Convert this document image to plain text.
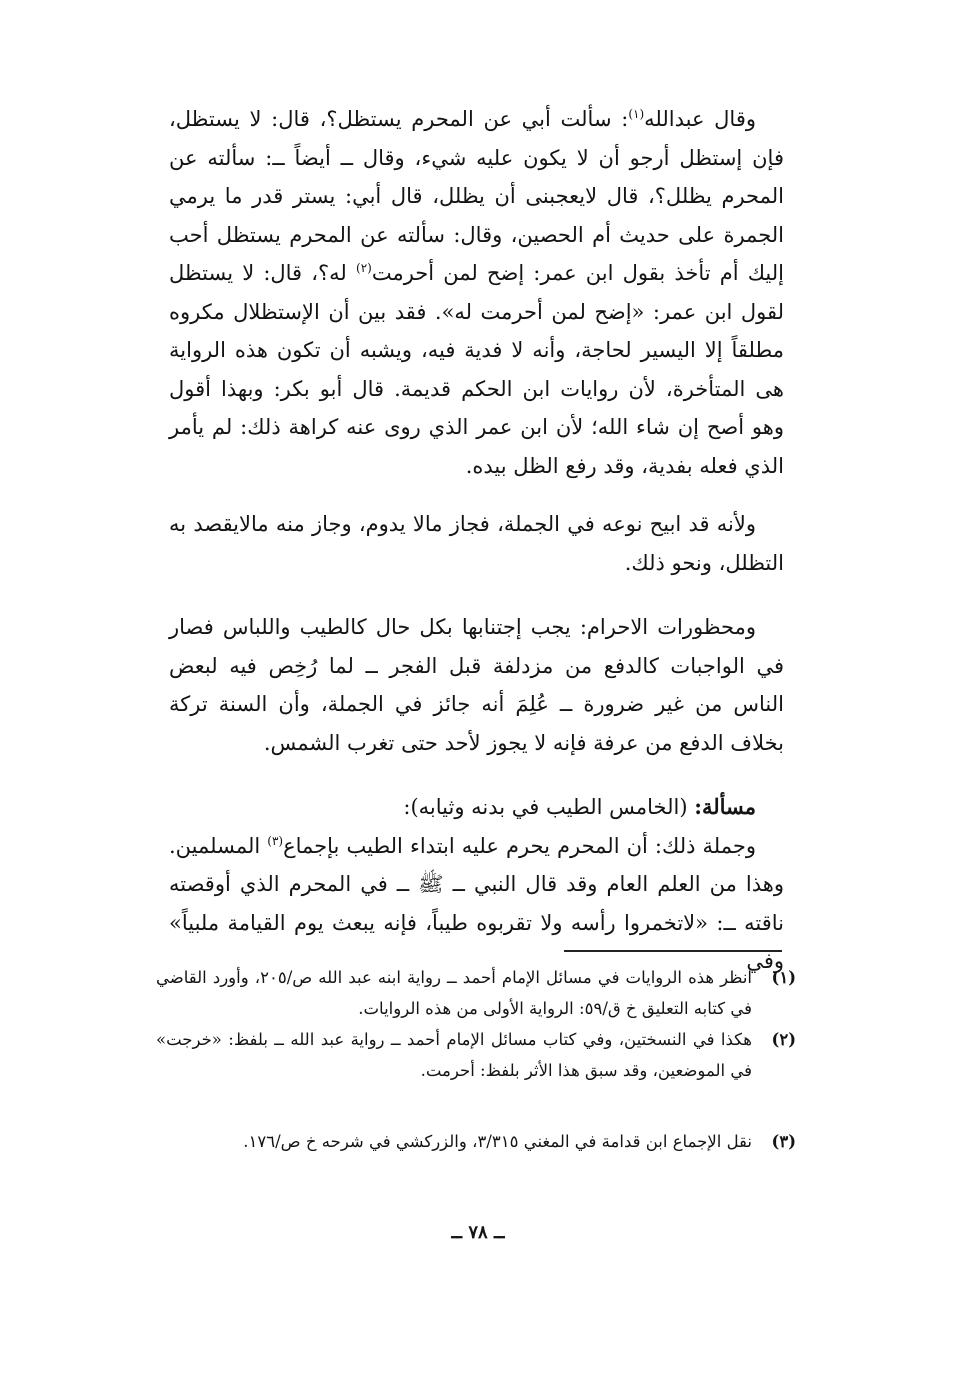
وقال عبدالله$^{(١)}$: سألت أبي عن المحرم يستظل؟، قال: لا يستظل، فإن إستظل أرجو أن لا يكون عليه شيء، وقال ــ أيضاً ــ: سألته عن المحرم يظلل؟، قال لايعجبنى أن يظلل، قال أبي: يستر قدر ما يرمي الجمرة على حديث أم الحصين، وقال: سألته عن المحرم يستظل أحب إليك أم تأخذ بقول ابن عمر: إضح لمن أحرمت$^{(٢)}$ له؟، قال: لا يستظل لقول ابن عمر: «إضح لمن أحرمت له». فقد بين أن الإستظلال مكروه مطلقاً إلا اليسير لحاجة، وأنه لا فدية فيه، ويشبه أن تكون هذه الرواية هى المتأخرة، لأن روايات ابن الحكم قديمة. قال أبو بكر: وبهذا أقول وهو أصح إن شاء الله؛ لأن ابن عمر الذي روى عنه كراهة ذلك: لم يأمر الذي فعله بفدية، وقد رفع الظل بيده.

ولأنه قد ابيح نوعه في الجملة، فجاز مالا يدوم، وجاز منه مالايقصد به التظلل، ونحو ذلك.

ومحظورات الاحرام: يجب إجتنابها بكل حال كالطيب واللباس فصار في الواجبات كالدفع من مزدلفة قبل الفجر ــ لما رُخِص فيه لبعض الناس من غير ضرورة ــ عُلِمَ أنه جائز في الجملة، وأن السنة تركة بخلاف الدفع من عرفة فإنه لا يجوز لأحد حتى تغرب الشمس.

مسألة: (الخامس الطيب في بدنه وثيابه):

وجملة ذلك: أن المحرم يحرم عليه ابتداء الطيب بإجماع$^{(٣)}$ المسلمين. وهذا من العلم العام وقد قال النبي ــ ﷺ ــ في المحرم الذي أوقصته ناقته ــ: «لاتخمروا رأسه ولا تقربوه طيباً، فإنه يبعث يوم القيامة ملبياً» وفي

(١)
انظر هذه الروايات في مسائل الإمام أحمد ــ رواية ابنه عبد الله ص/٢٠٥، وأورد القاضي في كتابه التعليق خ ق/٥٩: الرواية الأولى من هذه الروايات.
(٢)
هكذا في النسختين، وفي كتاب مسائل الإمام أحمد ــ رواية عبد الله ــ بلفظ: «خرجت» في الموضعين، وقد سبق هذا الأثر بلفظ: أحرمت.
(٣)
نقل الإجماع ابن قدامة في المغني ٣/٣١٥، والزركشي في شرحه خ ص/١٧٦.
ــ ٧٨ ــ
